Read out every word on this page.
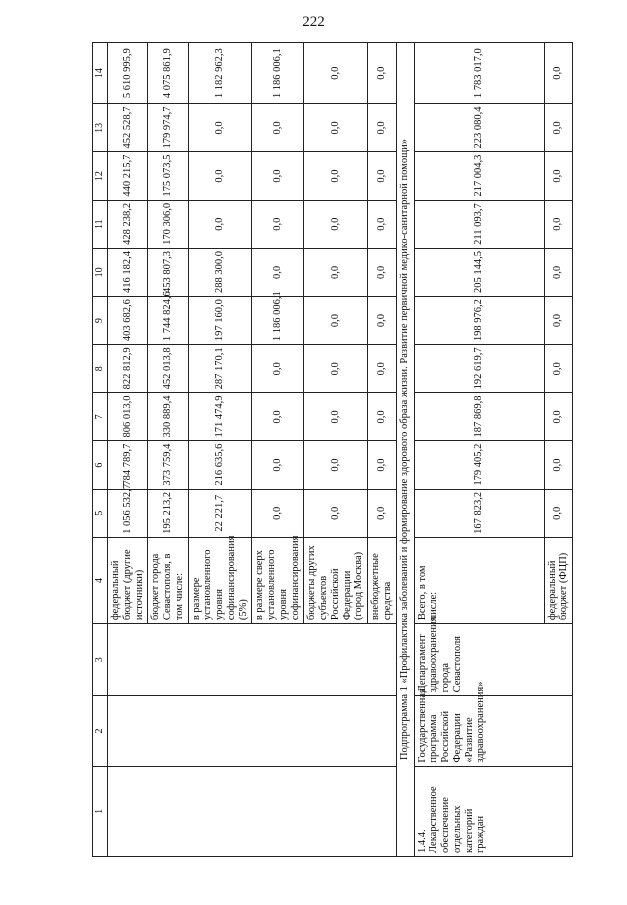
222
1	2	3	4	5	6	7	8	9	10	11	12	13	14
			федеральный бюджет (другие источники)	1 056 532,7	784 789,7	806 013,0	822 812,9	403 682,6	416 182,4	428 238,2	440 215,7	452 528,7	5 610 995,9
			бюджет города Севастополя, в том числе:	195 213,2	373 759,4	330 889,4	452 013,8	1 744 824,6	453 807,3	170 306,0	175 073,5	179 974,7	4 075 861,9
			в размере установленного уровня софинансирования (5%)	22 221,7	216 635,6	171 474,9	287 170,1	197 160,0	288 300,0	0,0	0,0	0,0	1 182 962,3
			в размере сверх установленного уровня софинансирования	0,0	0,0	0,0	0,0	1 186 006,1	0,0	0,0	0,0	0,0	1 186 006,1
			бюджеты других субъектов Российской Федерации (город Москва)	0,0	0,0	0,0	0,0	0,0	0,0	0,0	0,0	0,0	0,0
			внебюджетные средства	0,0	0,0	0,0	0,0	0,0	0,0	0,0	0,0	0,0	0,0
Подпрограмма 1 «Профилактика заболеваний и формирование здорового образа жизни. Развитие первичной медико-санитарной помощи»													
1.4.4. Лекарственное обеспечение отдельных категорий граждан	Государственная программа Российской Федерации «Развитие здравоохранения»	Департамент здравоохранения города Севастополя	Всего, в том числе:	167 823,2	179 405,2	187 869,8	192 619,7	198 976,2	205 144,5	211 093,7	217 004,3	223 080,4	1 783 017,0
			федеральный бюджет (ФЦП)	0,0	0,0	0,0	0,0	0,0	0,0	0,0	0,0	0,0	0,0
